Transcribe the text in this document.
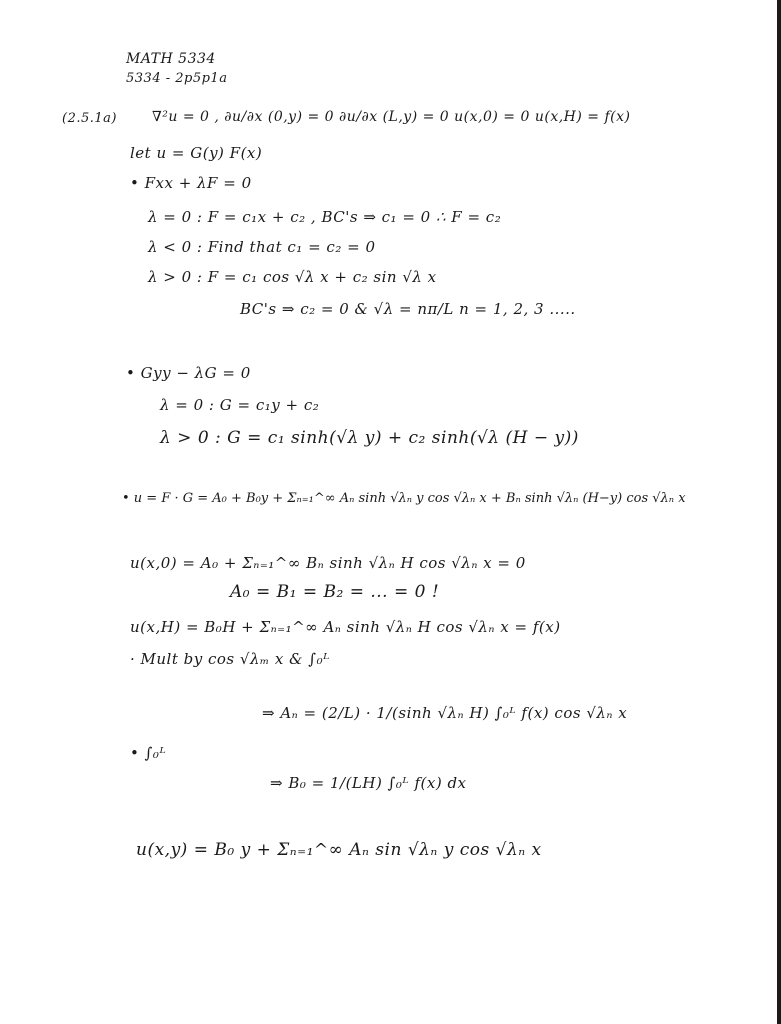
MATH 5334
5334 - 2p5p1a
(2.5.1a)	∇²u = 0 , ∂u/∂x (0,y) = 0 ∂u/∂x (L,y) = 0 u(x,0) = 0 u(x,H) = f(x)
let u = G(y) F(x)
• Fxx + λF = 0
λ = 0 : F = c₁x + c₂ , BC's ⇒ c₁ = 0 ∴ F = c₂
λ < 0 : Find that c₁ = c₂ = 0
λ > 0 : F = c₁ cos √λ x + c₂ sin √λ x
BC's ⇒ c₂ = 0 & √λ = nπ/L n = 1, 2, 3 .....
• Gyy − λG = 0
λ = 0 : G = c₁y + c₂
λ > 0 : G = c₁ sinh(√λ y) + c₂ sinh(√λ (H − y))
• u = F · G = A₀ + B₀y + Σₙ₌₁^∞ Aₙ sinh √λₙ y cos √λₙ x + Bₙ sinh √λₙ (H−y) cos √λₙ x
u(x,0) = A₀ + Σₙ₌₁^∞ Bₙ sinh √λₙ H cos √λₙ x = 0
A₀ = B₁ = B₂ = ... = 0 !
u(x,H) = B₀H + Σₙ₌₁^∞ Aₙ sinh √λₙ H cos √λₙ x = f(x)
· Mult by cos √λₘ x & ∫₀ᴸ
⇒ Aₙ = (2/L) · 1/(sinh √λₙ H) ∫₀ᴸ f(x) cos √λₙ x
• ∫₀ᴸ
⇒ B₀ = 1/(LH) ∫₀ᴸ f(x) dx
u(x,y) = B₀ y + Σₙ₌₁^∞ Aₙ sin √λₙ y cos √λₙ x
